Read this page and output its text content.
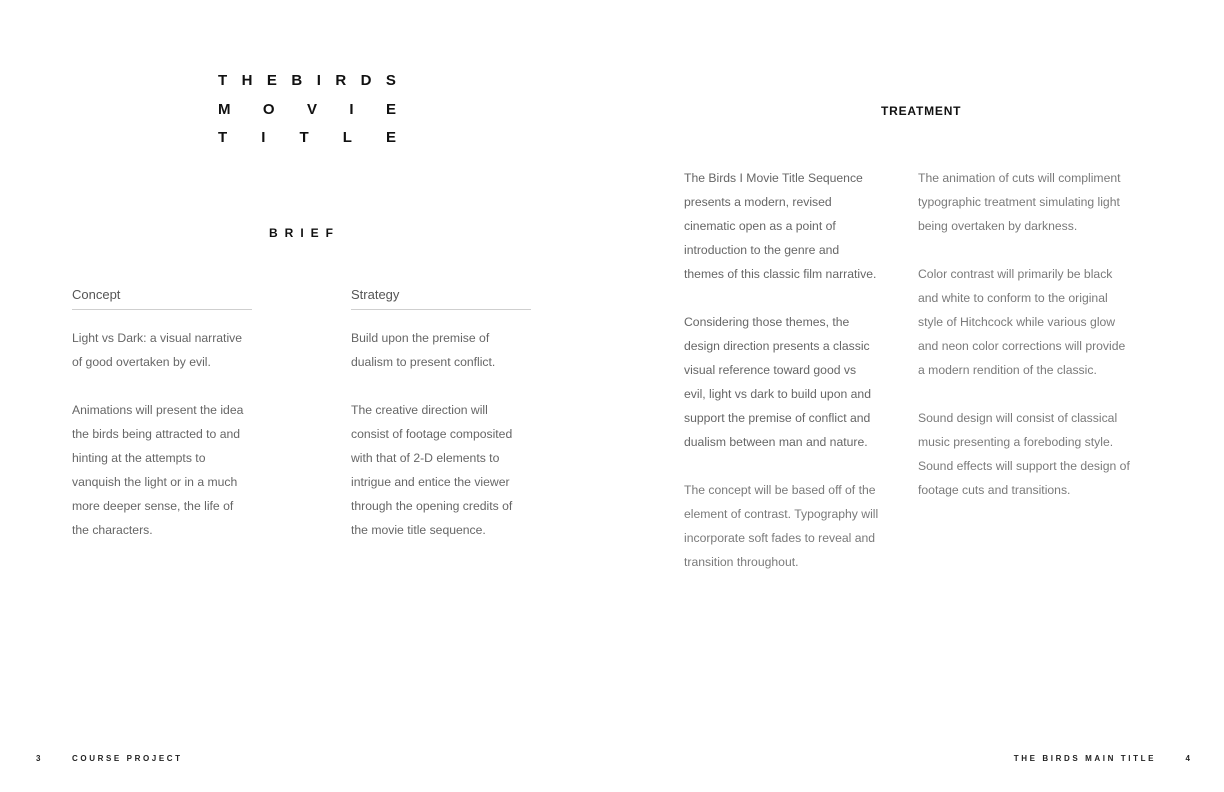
T H E B I R D S
M O V I E
T I T L E
BRIEF
Concept	Strategy

Light vs Dark: a visual narrative
of good overtaken by evil.

Animations will present the idea
the birds being attracted to and
hinting at the attempts to
vanquish the light or in a much
more deeper sense, the life of
the characters.

Build upon the premise of
dualism to present conflict.

The creative direction will
consist of footage composited
with that of 2-D elements to
intrigue and entice the viewer
through the opening credits of
the movie title sequence.

TREATMENT

The Birds I Movie Title Sequence
presents a modern, revised
cinematic open as a point of
introduction to the genre and
themes of this classic film narrative.

Considering those themes, the
design direction presents a classic
visual reference toward good vs
evil, light vs dark to build upon and
support the premise of conflict and
dualism between man and nature.

The concept will be based off of the
element of contrast. Typography will
incorporate soft fades to reveal and
transition throughout.

The animation of cuts will compliment
typographic treatment simulating light
being overtaken by darkness.

Color contrast will primarily be black
and white to conform to the original
style of Hitchcock while various glow
and neon color corrections will provide
a modern rendition of the classic.

Sound design will consist of classical
music presenting a foreboding style.
Sound effects will support the design of
footage cuts and transitions.

3	COURSE PROJECT	THE BIRDS MAIN TITLE	4
